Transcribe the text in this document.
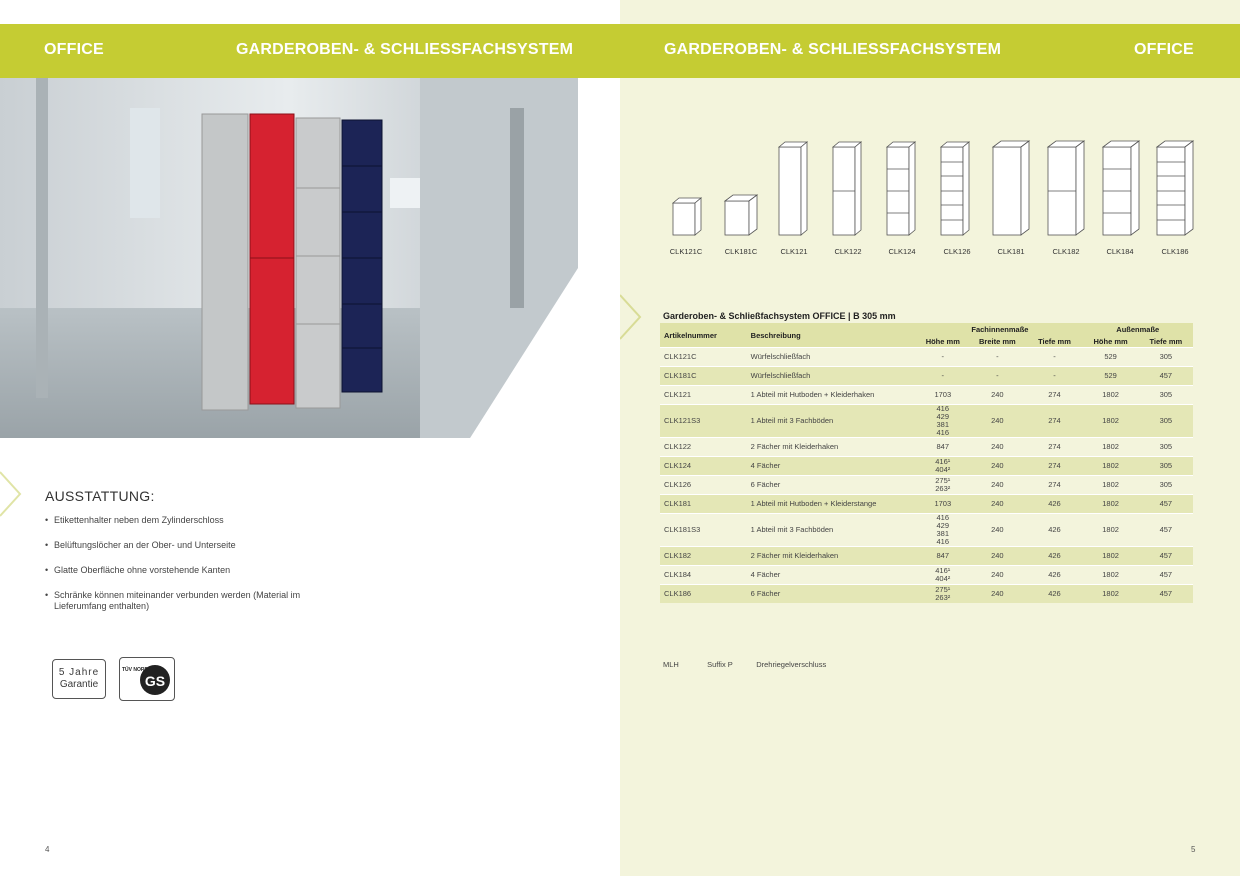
OFFICE	GARDEROBEN- & SCHLIESSFACHSYSTEM	GARDEROBEN- & SCHLIESSFACHSYSTEM	OFFICE
AUSSTATTUNG:
• Etikettenhalter neben dem Zylinderschloss
• Belüftungslöcher an der Ober- und Unterseite
• Glatte Oberfläche ohne vorstehende Kanten
• Schränke können miteinander verbunden werden (Material im Lieferumfang enthalten)
5 Jahre
Garantie	GS
TÜV NORD
CLK121C	CLK181C	CLK121	CLK122	CLK124	CLK126	CLK181	CLK182	CLK184	CLK186
Garderoben- & Schließfachsystem OFFICE | B 305 mm
Artikelnummer	Beschreibung	Fachinnenmaße			Außenmaße	
		Höhe mm	Breite mm	Tiefe mm	Höhe mm	Tiefe mm
CLK121C	Würfelschließfach	-	-	-	529	305
CLK181C	Würfelschließfach	-	-	-	529	457
CLK121	1 Abteil mit Hutboden + Kleiderhaken	1703	240	274	1802	305
CLK121S3	1 Abteil mit 3 Fachböden	416
429
381
416	240	274	1802	305
CLK122	2 Fächer mit Kleiderhaken	847	240	274	1802	305
CLK124	4 Fächer	416¹
404²	240	274	1802	305
CLK126	6 Fächer	275¹
263²	240	274	1802	305
CLK181	1 Abteil mit Hutboden + Kleiderstange	1703	240	426	1802	457
CLK181S3	1 Abteil mit 3 Fachböden	416
429
381
416	240	426	1802	457
CLK182	2 Fächer mit Kleiderhaken	847	240	426	1802	457
CLK184	4 Fächer	416¹
404²	240	426	1802	457
CLK186	6 Fächer	275¹
263²	240	426	1802	457
MLH	Suffix P	Drehriegelverschluss
4	5
